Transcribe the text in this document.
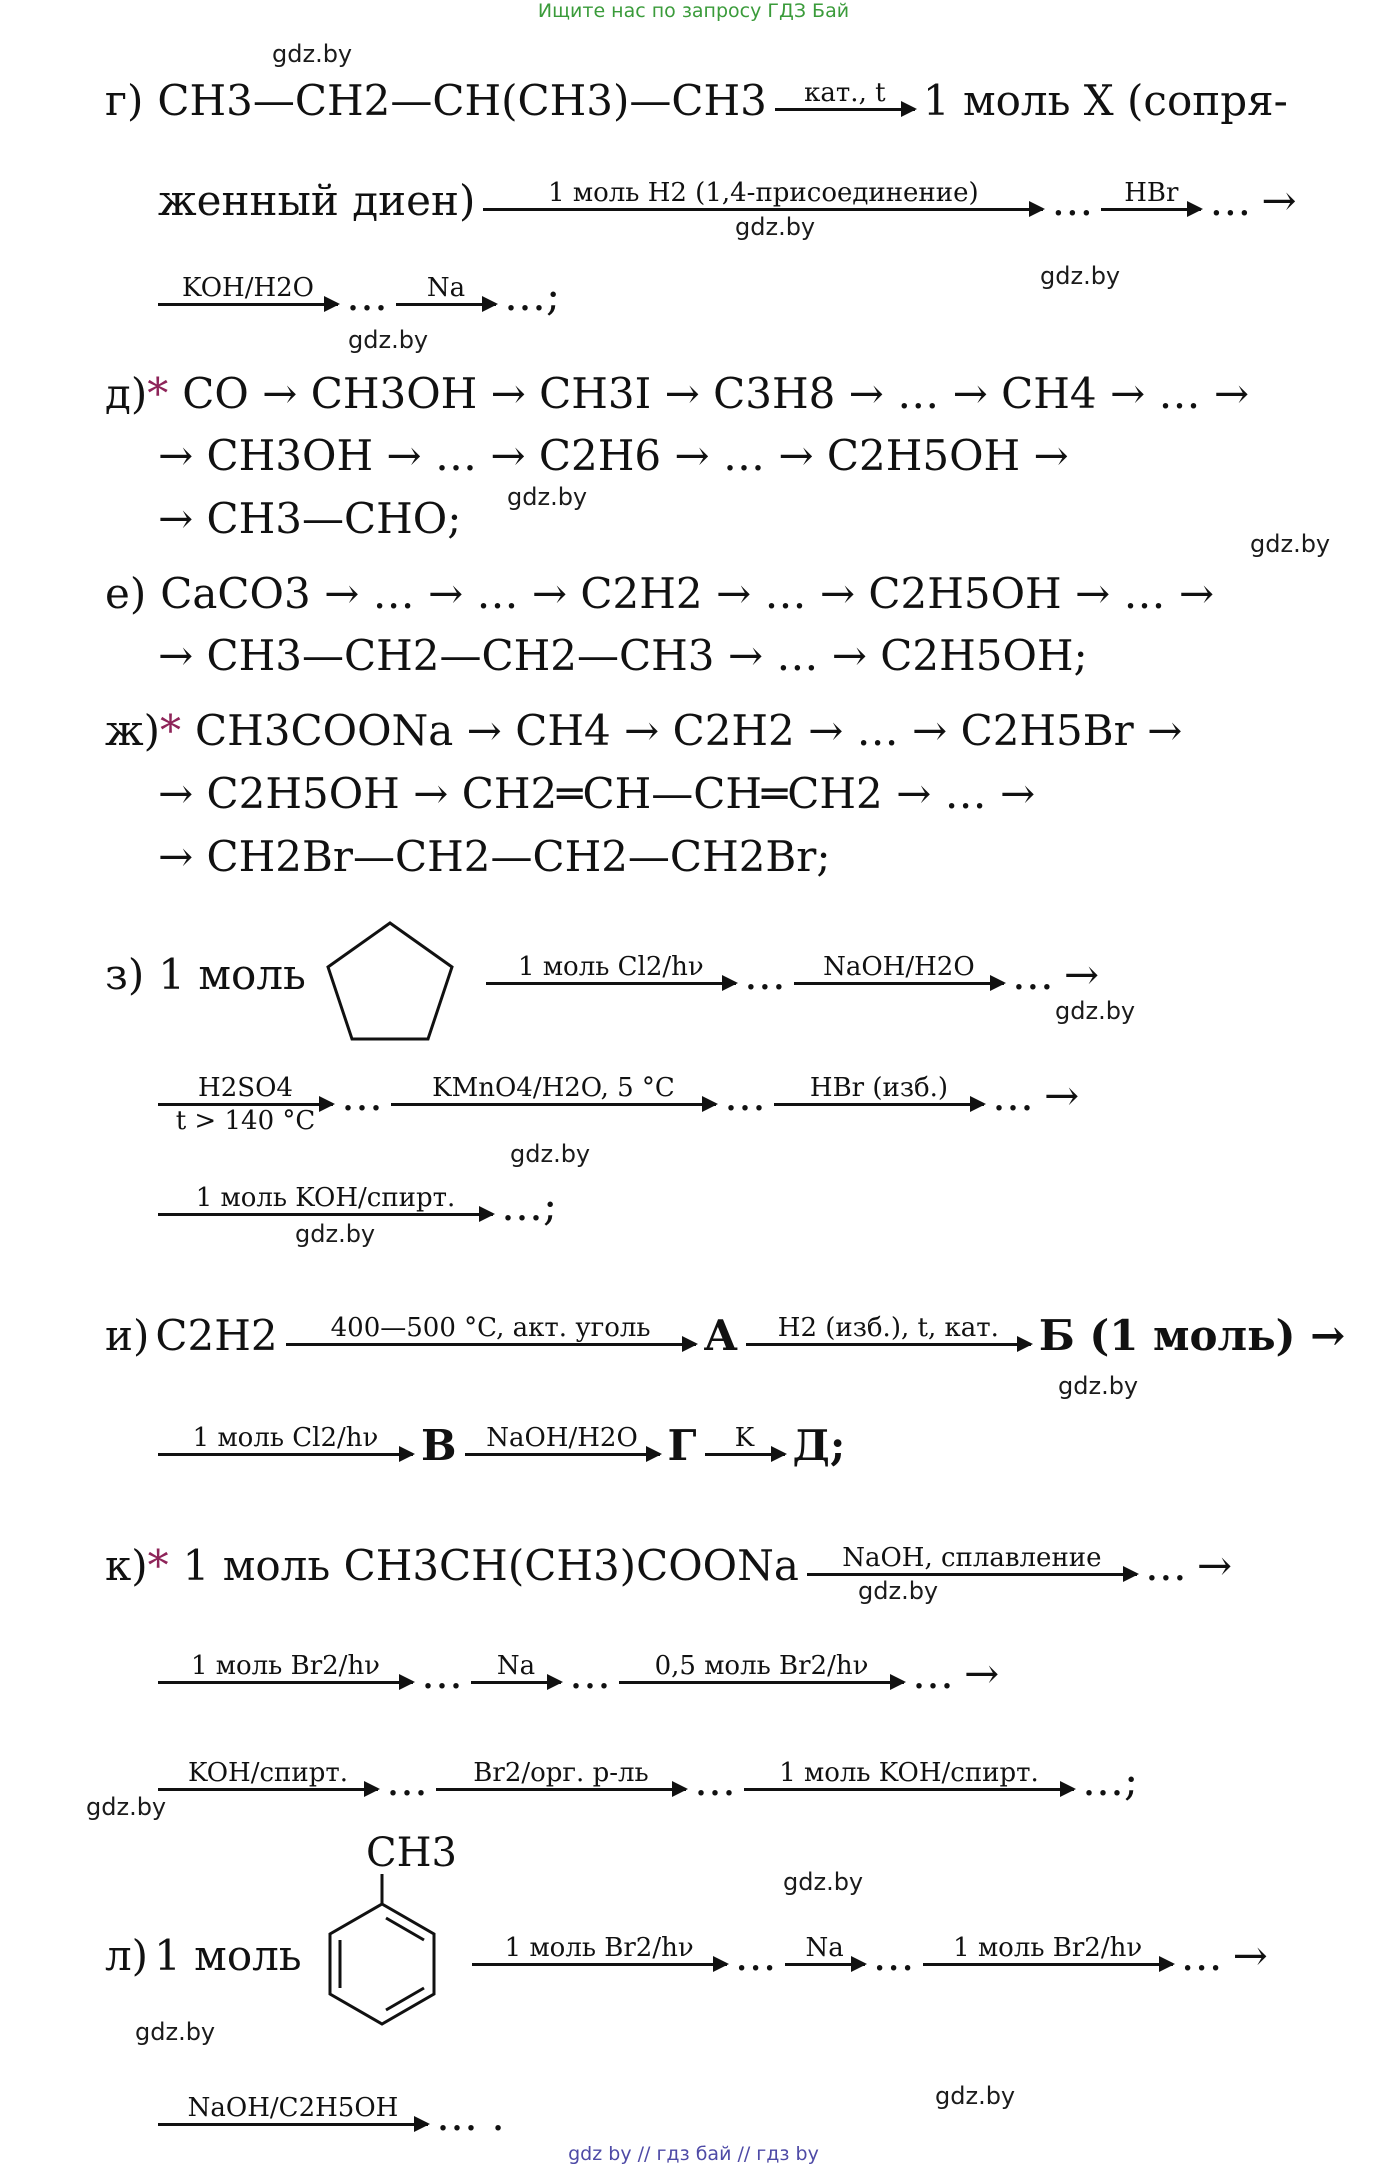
Ищите нас по запросу ГДЗ Бай
gdz.by
gdz.by
gdz.by
gdz.by
gdz.by
gdz.by
gdz.by
gdz.by
gdz.by
gdz.by
gdz.by
gdz.by
gdz.by
gdz.by
gdz.by
г) CH3—CH2—CH(CH3)—CH3 кат., t 1 моль X (сопря-
женный диен)	1 моль H2 (1,4-присоединение) … HBr … →
KOH/H2O … Na …;
д) * CO → CH3OH → CH3I → C3H8 → … → CH4 → … →
→ CH3OH → … → C2H6 → … → C2H5OH →
→ CH3—CHO;
е) CaCO3 → … → … → C2H2 → … → C2H5OH → … →
→ CH3—CH2—CH2—CH3 → … → C2H5OH;
ж) * CH3COONa → CH4 → C2H2 → … → C2H5Br →
→ C2H5OH → CH2═CH—CH═CH2 → … →
→ CH2Br—CH2—CH2—CH2Br;
з) 1 моль	1 моль Cl2/hν … NaOH/H2O … →
H2SO4
t > 140 °C
… KMnO4/H2O, 5 °C … HBr (изб.) … →
1 моль KOH/спирт. …;
и) C2H2 400—500 °C, акт. уголь А H2 (изб.), t, кат. Б (1 моль) →
1 моль Cl2/hν В NaOH/H2O Г K Д;
к) * 1 моль CH3CH(CH3)COONa NaOH, сплавление … →
1 моль Br2/hν … Na … 0,5 моль Br2/hν … →
KOH/спирт. … Br2/орг. р-ль … 1 моль KOH/спирт. …;
л) 1 моль
CH3
1 моль Br2/hν … Na … 1 моль Br2/hν … →
NaOH/C2H5OH … .
gdz by // гдз бай // гдз by
